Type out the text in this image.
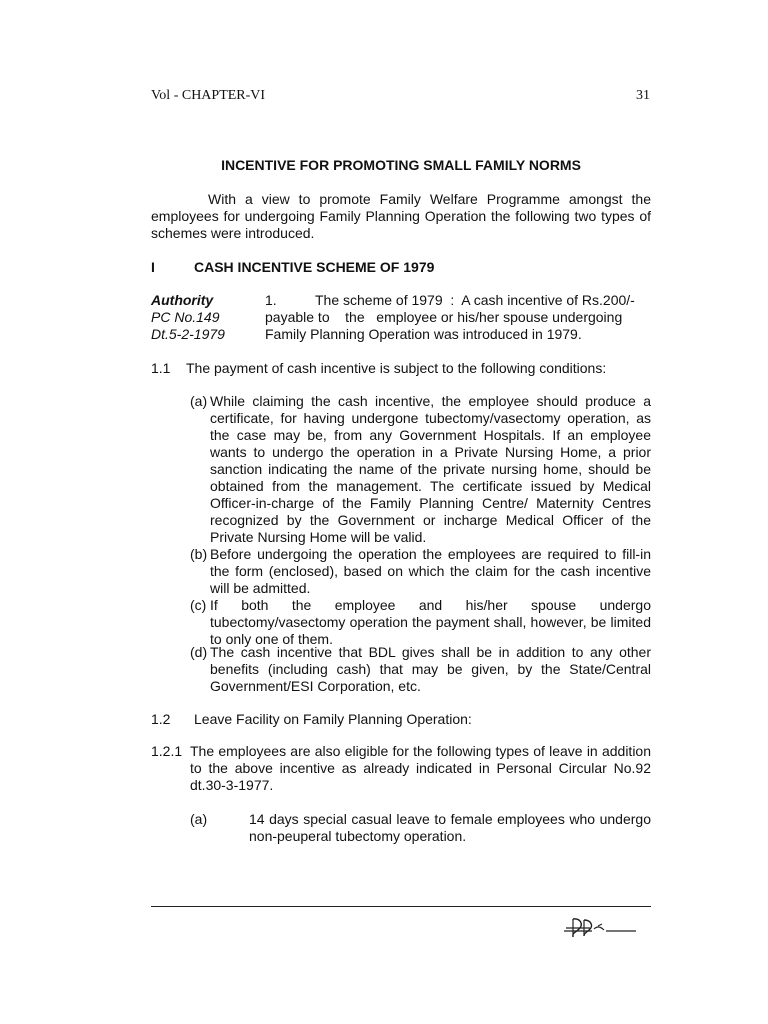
Vol - CHAPTER-VI	31
INCENTIVE FOR PROMOTING SMALL FAMILY NORMS
With a view to promote Family Welfare Programme amongst the employees for undergoing Family Planning Operation the following two types of schemes were introduced.
I	CASH INCENTIVE SCHEME OF 1979
Authority
PC No.149
Dt.5-2-1979
1.	The scheme of 1979  :  A cash incentive of Rs.200/-
payable to    the   employee or his/her spouse undergoing
Family Planning Operation was introduced in 1979.
1.1 The payment of cash incentive is subject to the following conditions:
(a) While claiming the cash incentive, the employee should produce a certificate, for having undergone tubectomy/vasectomy operation, as the case may be, from any Government Hospitals. If an employee wants to undergo the operation in a Private Nursing Home, a prior sanction indicating the name of the private nursing home, should be obtained from the management. The certificate issued by Medical Officer-in-charge of the Family Planning Centre/ Maternity Centres recognized by the Government or incharge Medical Officer of the Private Nursing Home will be valid.
(b) Before undergoing the operation the employees are required to fill-in the form (enclosed), based on which the claim for the cash incentive will be admitted.
(c) If    both    the    employee    and    his/her    spouse    undergo tubectomy/vasectomy operation the payment shall, however, be limited to only one of them.
(d) The cash incentive that BDL gives shall be in addition to any other benefits (including cash) that may be given, by the State/Central Government/ESI Corporation, etc.
1.2 Leave Facility on Family Planning Operation:
1.2.1 The employees are also eligible for the following types of leave in addition to the above incentive as already indicated in Personal Circular No.92 dt.30-3-1977.
(a)	14 days special casual leave to female employees who undergo non-peuperal tubectomy operation.
